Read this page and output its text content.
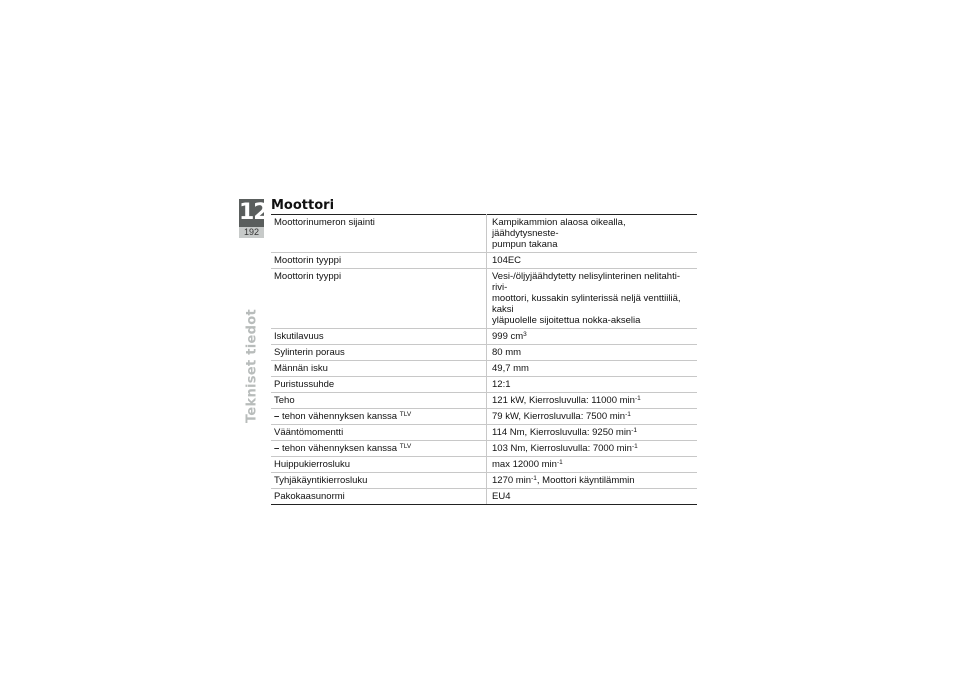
12
192
Tekniset tiedot
Moottori
Moottorinumeron sijainti	Kampikammion alaosa oikealla, jäähdytysneste-
pumpun takana
Moottorin tyyppi	104EC
Moottorin tyyppi	Vesi-/öljyjäähdytetty nelisylinterinen nelitahti-rivi-
moottori, kussakin sylinterissä neljä venttiiliä, kaksi
yläpuolelle sijoitettua nokka-akselia
Iskutilavuus	999 $cm^3$
Sylinterin poraus	80 mm
Männän isku	49,7 mm
Puristussuhde	12:1
Teho	121 kW, Kierrosluvulla: 11000 $\min^{-1}$
– tehon vähennyksen kanssa $^{TLV}$	79 kW, Kierrosluvulla: 7500 $\min^{-1}$
Vääntömomentti	114 Nm, Kierrosluvulla: 9250 $\min^{-1}$
– tehon vähennyksen kanssa $^{TLV}$	103 Nm, Kierrosluvulla: 7000 $\min^{-1}$
Huippukierrosluku	max 12000 $\min^{-1}$
Tyhjäkäyntikierrosluku	1270 $\min^{-1}$, Moottori käyntilämmin
Pakokaasunormi	EU4
